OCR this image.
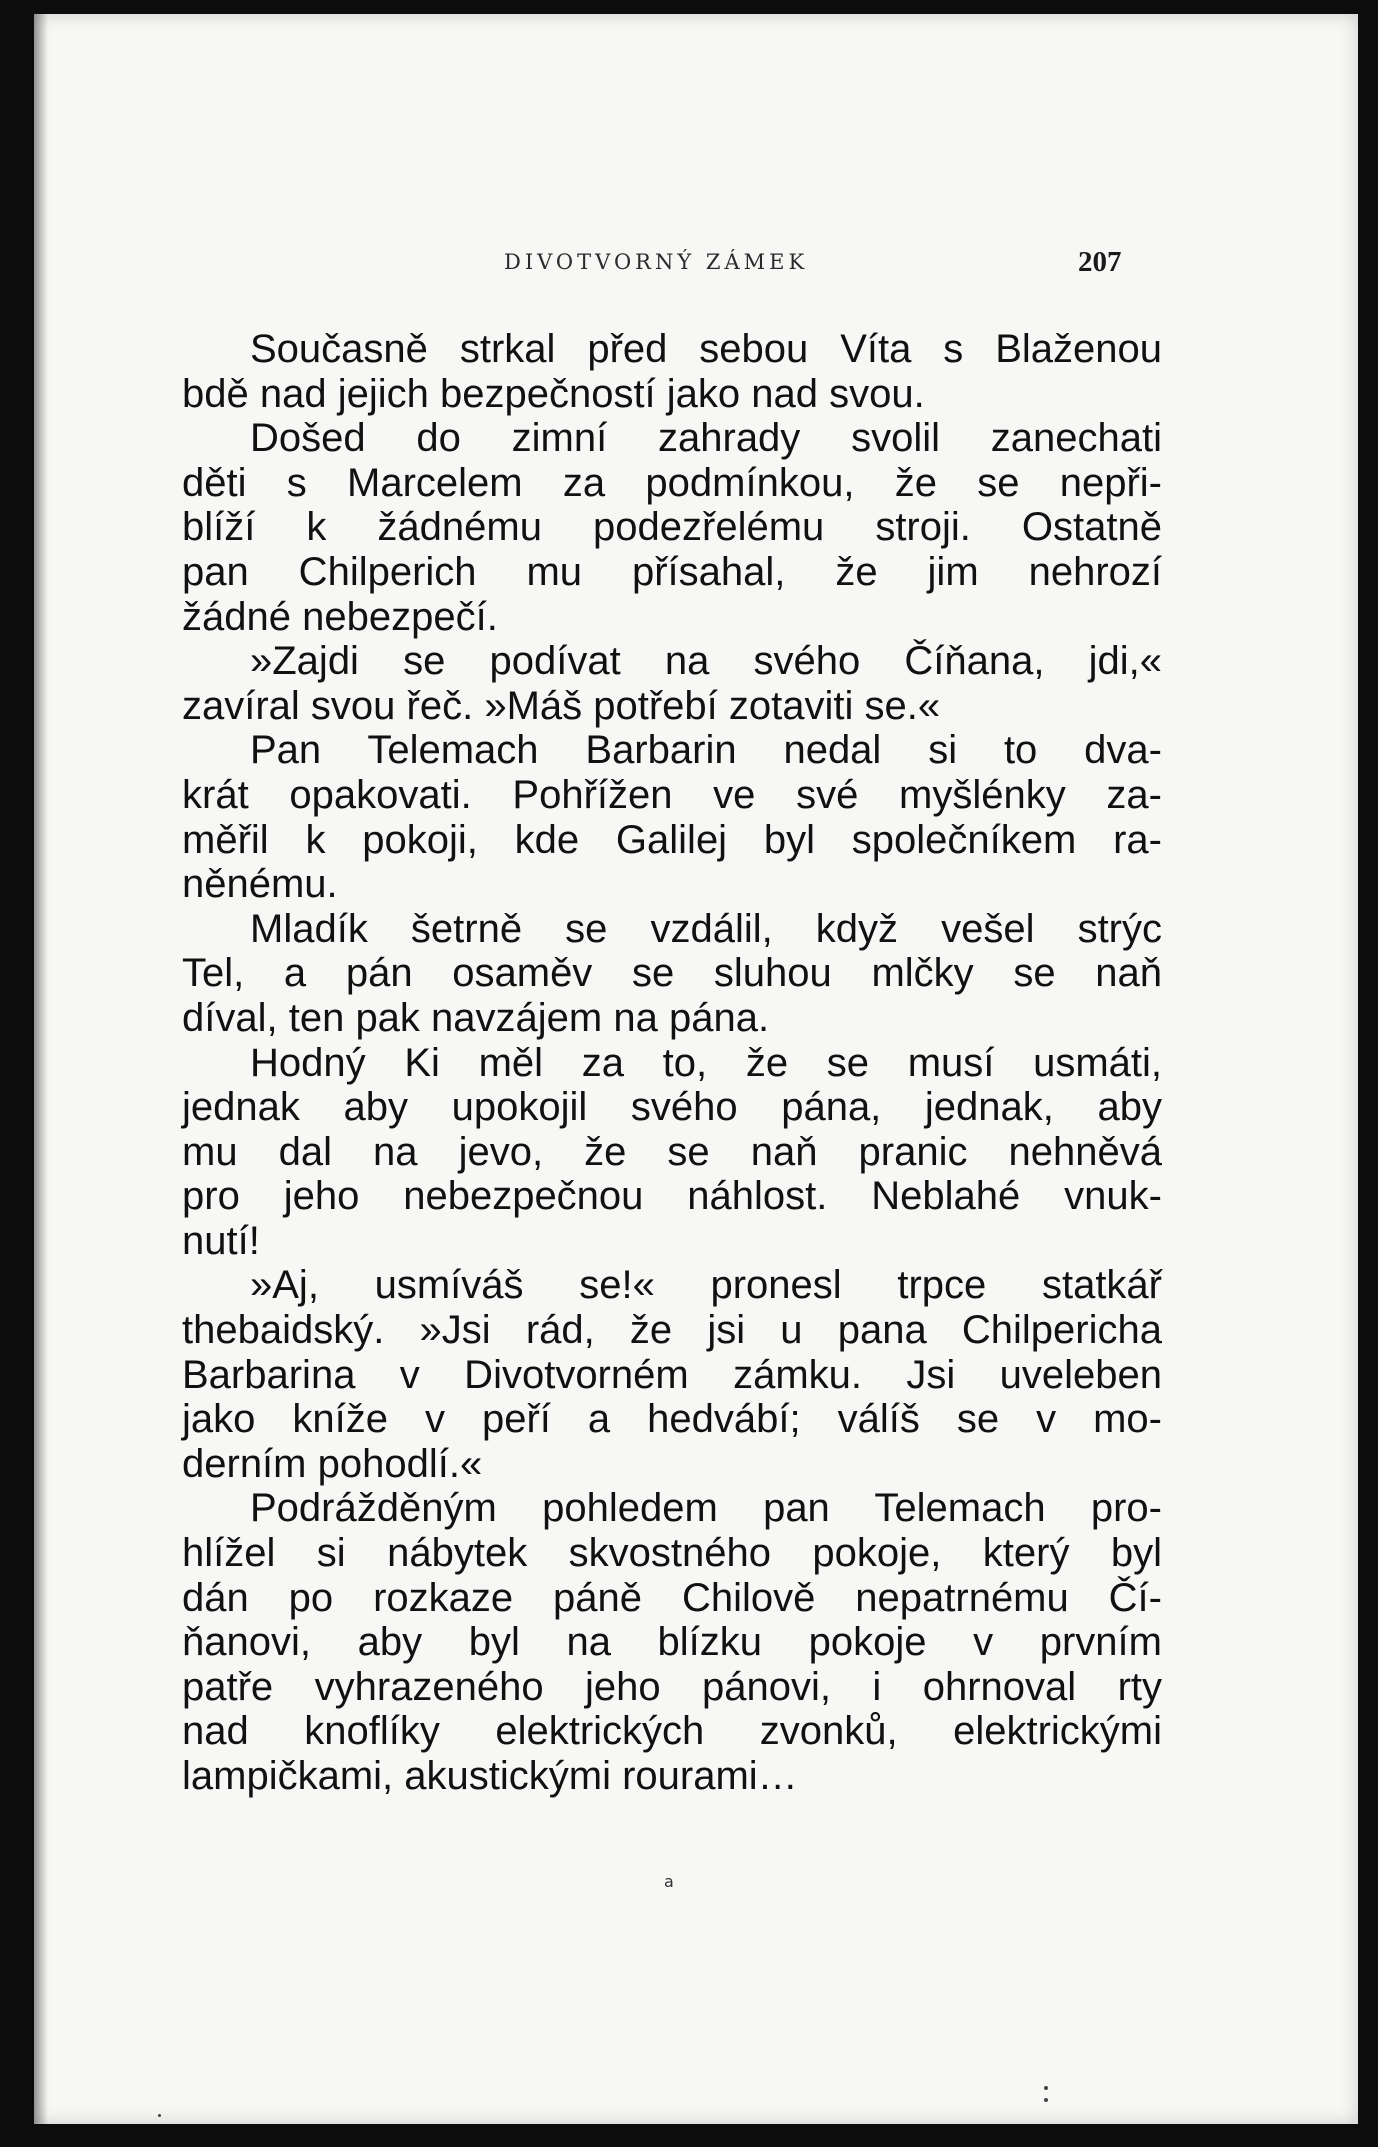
DIVOTVORNÝ ZÁMEK	207

Současně strkal před sebou Víta s Blaženou
bdě nad jejich bezpečností jako nad svou.

Došed do zimní zahrady svolil zanechati
děti s Marcelem za podmínkou, že se nepři-
blíží k žádnému podezřelému stroji. Ostatně
pan Chilperich mu přísahal, že jim nehrozí
žádné nebezpečí.

»Zajdi se podívat na svého Číňana, jdi,«
zavíral svou řeč. »Máš potřebí zotaviti se.«

Pan Telemach Barbarin nedal si to dva-
krát opakovati. Pohřížen ve své myšlénky za-
měřil k pokoji, kde Galilej byl společníkem ra-
něnému.

Mladík šetrně se vzdálil, když vešel strýc
Tel, a pán osaměv se sluhou mlčky se naň
díval, ten pak navzájem na pána.

Hodný Ki měl za to, že se musí usmáti,
jednak aby upokojil svého pána, jednak, aby
mu dal na jevo, že se naň pranic nehněvá
pro jeho nebezpečnou náhlost. Neblahé vnuk-
nutí!

»Aj, usmíváš se!« pronesl trpce statkář
thebaidský. »Jsi rád, že jsi u pana Chilpericha
Barbarina v Divotvorném zámku. Jsi uveleben
jako kníže v peří a hedvábí; válíš se v mo-
derním pohodlí.«

Podrážděným pohledem pan Telemach pro-
hlížel si nábytek skvostného pokoje, který byl
dán po rozkaze páně Chilově nepatrnému Čí-
ňanovi, aby byl na blízku pokoje v prvním
patře vyhrazeného jeho pánovi, i ohrnoval rty
nad knoflíky elektrických zvonků, elektrickými
lampičkami, akustickými rourami…

a
